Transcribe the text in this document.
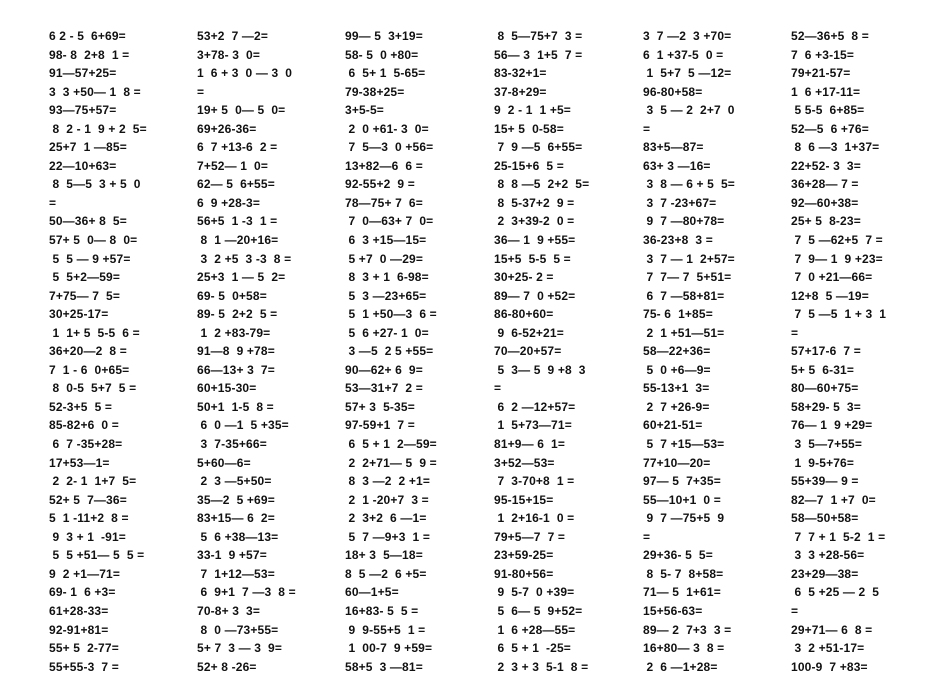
6 2 - 5  6+69=
98- 8  2+8  1 =
91―57+25=
3  3 +50― 1  8 =
93―75+57=
8  2 - 1  9 + 2  5=
25+7  1 ―85=
22―10+63=
8  5―5  3 + 5  0
=
50―36+ 8  5=
57+ 5  0― 8  0=
5  5 ― 9 +57=
5  5+2―59=
7+75― 7  5=
30+25-17=
1  1+ 5  5-5  6 =
36+20―2  8 =
7  1 - 6  0+65=
8  0-5  5+7  5 =
52-3+5  5 =
85-82+6  0 =
6  7 -35+28=
17+53―1=
2  2- 1  1+7  5=
52+ 5  7―36=
5  1 -11+2  8 =
9  3 + 1  -91=
5  5 +51― 5  5 =
9  2 +1―71=
69- 1  6 +3=
61+28-33=
92-91+81=
55+ 5  2-77=
55+55-3  7 =
53+2  7 ―2=
3+78- 3  0=
1  6 + 3  0 ― 3  0
=
19+ 5  0― 5  0=
69+26-36=
6  7 +13-6  2 =
7+52― 1  0=
62― 5  6+55=
6  9 +28-3=
56+5  1 -3  1 =
8  1 ―20+16=
3  2 +5  3 -3  8 =
25+3  1 ― 5  2=
69- 5  0+58=
89- 5  2+2  5 =
1  2 +83-79=
91―8  9 +78=
66―13+ 3  7=
60+15-30=
50+1  1-5  8 =
6  0 ―1  5 +35=
3  7-35+66=
5+60―6=
2  3 ―5+50=
35―2  5 +69=
83+15― 6  2=
5  6 +38―13=
33-1  9 +57=
7  1+12―53=
6  9+1  7 ―3  8 =
70-8+ 3  3=
8  0 ―73+55=
5+ 7  3 ― 3  9=
52+ 8 -26=
99― 5  3+19=
58- 5  0 +80=
6  5+ 1  5-65=
79-38+25=
3+5-5=
2  0 +61- 3  0=
7  5―3  0 +56=
13+82―6  6 =
92-55+2  9 =
78―75+ 7  6=
7  0―63+ 7  0=
6  3 +15―15=
5 +7  0 ―29=
8  3 + 1  6-98=
5  3 ―23+65=
5  1 +50―3  6 =
5  6 +27- 1  0=
3 ―5  2 5 +55=
90―62+ 6  9=
53―31+7  2 =
57+ 3  5-35=
97-59+1  7 =
6  5 + 1  2―59=
2  2+71― 5  9 =
8  3 ―2  2 +1=
2  1 -20+7  3 =
2  3+2  6 ―1=
5  7 ―9+3  1 =
18+ 3  5―18=
8  5 ―2  6 +5=
60―1+5=
16+83- 5  5 =
9  9-55+5  1 =
1  00-7  9 +59=
58+5  3 ―81=
8  5―75+7  3 =
56― 3  1+5  7 =
83-32+1=
37-8+29=
9  2 - 1  1 +5=
15+ 5  0-58=
7  9 ―5  6+55=
25-15+6  5 =
8  8 ―5  2+2  5=
8  5-37+2  9 =
2  3+39-2  0 =
36― 1  9 +55=
15+5  5-5  5 =
30+25- 2 =
89― 7  0 +52=
86-80+60=
9  6-52+21=
70―20+57=
5  3― 5  9 +8  3
=
6  2 ―12+57=
1  5+73―71=
81+9― 6  1=
3+52―53=
7  3-70+8  1 =
95-15+15=
1  2+16-1  0 =
79+5―7  7 =
23+59-25=
91-80+56=
9  5-7  0 +39=
5  6― 5  9+52=
1  6 +28―55=
6  5 + 1  -25=
2  3 + 3  5-1  8 =
3  7 ―2  3 +70=
6  1 +37-5  0 =
1  5+7  5 ―12=
96-80+58=
3  5 ― 2  2+7  0
=
83+5―87=
63+ 3 ―16=
3  8 ― 6 + 5  5=
3  7 -23+67=
9  7 ―80+78=
36-23+8  3 =
3  7 ― 1  2+57=
7  7― 7  5+51=
6  7 ―58+81=
75- 6  1+85=
2  1 +51―51=
58―22+36=
5  0 +6―9=
55-13+1  3=
2  7 +26-9=
60+21-51=
5  7 +15―53=
77+10―20=
97― 5  7+35=
55―10+1  0 =
9  7 ―75+5  9
=
29+36- 5  5=
8  5- 7  8+58=
71― 5  1+61=
15+56-63=
89― 2  7+3  3 =
16+80― 3  8 =
2  6 ―1+28=
52―36+5  8 =
7  6 +3-15=
79+21-57=
1  6 +17-11=
5 5-5  6+85=
52―5  6 +76=
8  6 ―3  1+37=
22+52- 3  3=
36+28― 7 =
92―60+38=
25+ 5  8-23=
7  5 ―62+5  7 =
7  9― 1  9 +23=
7  0 +21―66=
12+8  5 ―19=
7  5 ―5  1 + 3  1
=
57+17-6  7 =
5+ 5  6-31=
80―60+75=
58+29- 5  3=
76― 1  9 +29=
3  5―7+55=
1  9-5+76=
55+39― 9 =
82―7  1 +7  0=
58―50+58=
7  7 + 1  5-2  1 =
3  3 +28-56=
23+29―38=
6  5 +25 ― 2  5
=
29+71― 6  8 =
3  2 +51-17=
100-9  7 +83=
